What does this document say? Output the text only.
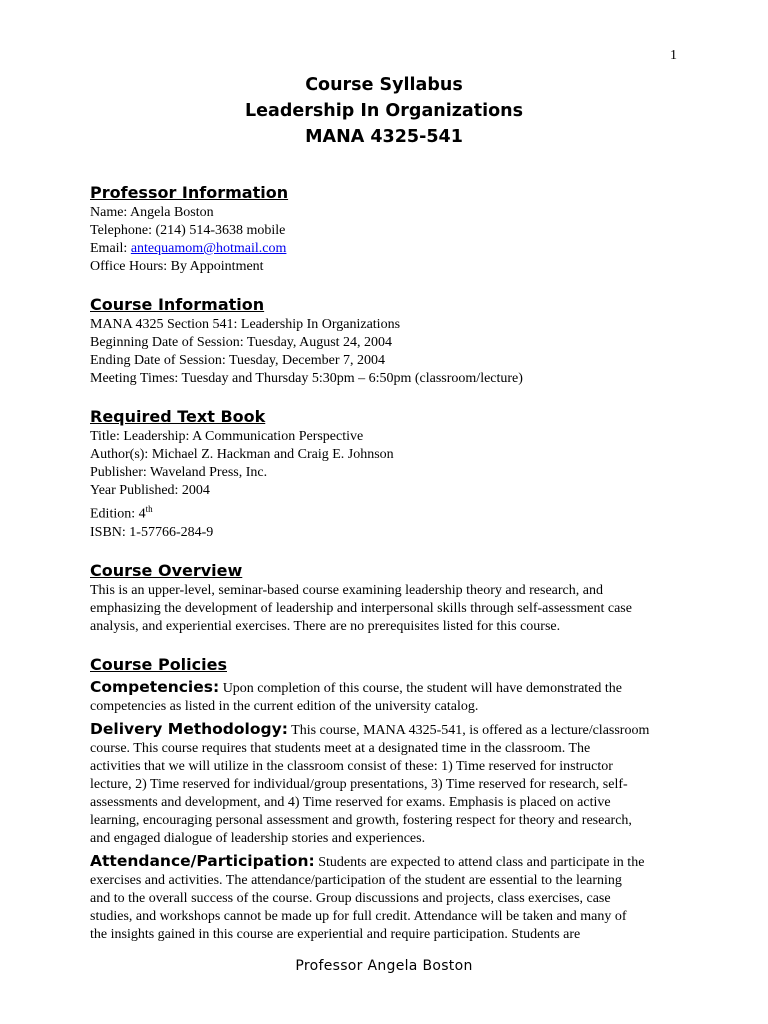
1
Course Syllabus
Leadership In Organizations
MANA 4325-541

Professor Information

Name: Angela Boston

Telephone: (214) 514-3638 mobile

Email: antequamom@hotmail.com

Office Hours: By Appointment

Course Information

MANA 4325 Section 541: Leadership In Organizations

Beginning Date of Session: Tuesday, August 24, 2004

Ending Date of Session: Tuesday, December 7, 2004

Meeting Times: Tuesday and Thursday 5:30pm – 6:50pm (classroom/lecture)

Required Text Book

Title: Leadership: A Communication Perspective

Author(s): Michael Z. Hackman and Craig E. Johnson

Publisher: Waveland Press, Inc.

Year Published: 2004

Edition: 4th

ISBN: 1-57766-284-9

Course Overview

This is an upper-level, seminar-based course examining leadership theory and research, and

emphasizing the development of leadership and interpersonal skills through self-assessment case

analysis, and experiential exercises. There are no prerequisites listed for this course.

Course Policies

Competencies: Upon completion of this course, the student will have demonstrated the

competencies as listed in the current edition of the university catalog.

Delivery Methodology: This course, MANA 4325-541, is offered as a lecture/classroom

course. This course requires that students meet at a designated time in the classroom. The

activities that we will utilize in the classroom consist of these: 1) Time reserved for instructor

lecture, 2) Time reserved for individual/group presentations, 3) Time reserved for research, self-

assessments and development, and 4) Time reserved for exams. Emphasis is placed on active

learning, encouraging personal assessment and growth, fostering respect for theory and research,

and engaged dialogue of leadership stories and experiences.

Attendance/Participation: Students are expected to attend class and participate in the

exercises and activities. The attendance/participation of the student are essential to the learning

and to the overall success of the course. Group discussions and projects, class exercises, case

studies, and workshops cannot be made up for full credit. Attendance will be taken and many of

the insights gained in this course are experiential and require participation. Students are

Professor Angela Boston
